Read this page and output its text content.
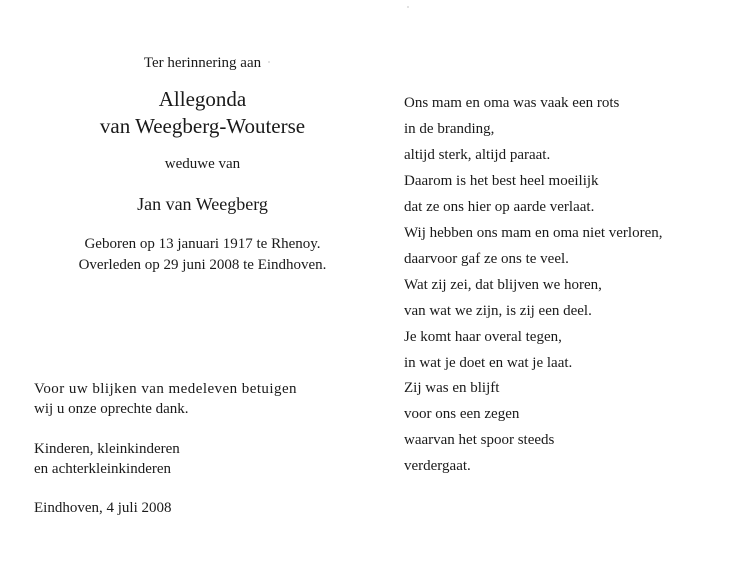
Ter herinnering aan
Allegonda
van Weegberg-Wouterse
weduwe van
Jan van Weegberg
Geboren op 13 januari 1917 te Rhenoy.
Overleden op 29 juni 2008 te Eindhoven.
Voor uw blijken van medeleven betuigen
wij u onze oprechte dank.
Kinderen, kleinkinderen
en achterkleinkinderen
Eindhoven, 4 juli 2008
Ons mam en oma was vaak een rots
in de branding,
altijd sterk, altijd paraat.
Daarom is het best heel moeilijk
dat ze ons hier op aarde verlaat.
Wij hebben ons mam en oma niet verloren,
daarvoor gaf ze ons te veel.
Wat zij zei, dat blijven we horen,
van wat we zijn, is zij een deel.
Je komt haar overal tegen,
in wat je doet en wat je laat.
Zij was en blijft
voor ons een zegen
waarvan het spoor steeds
verdergaat.
